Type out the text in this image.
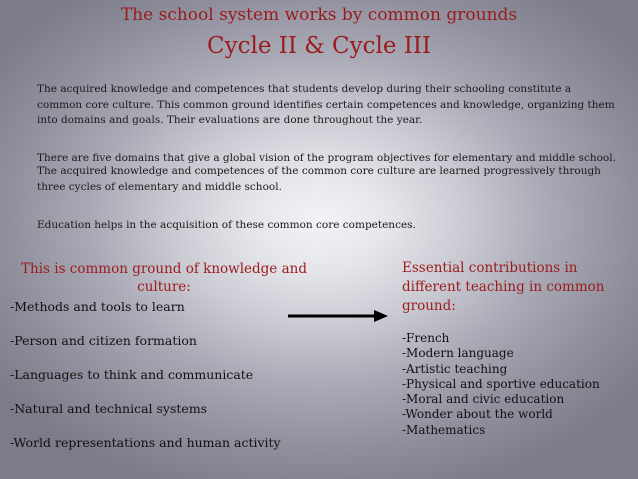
The school system works by common grounds
Cycle II & Cycle III
The acquired knowledge and competences that students develop during their schooling constitute a common core culture. This common ground identifies certain competences and knowledge, organizing them into domains and goals. Their evaluations are done throughout the year.
There are five domains that give a global vision of the program objectives for elementary and middle school.
The acquired knowledge and competences of the common core culture are learned progressively through three cycles of elementary and middle school.
Education helps in the acquisition of these common core competences.
This is common ground of knowledge and culture:
-Methods and tools to learn
-Person and citizen formation
-Languages to think and communicate
-Natural and technical systems
-World representations and human activity
Essential contributions in different teaching in common ground:
-French
-Modern language
-Artistic teaching
-Physical and sportive education
-Moral and civic education
-Wonder about the world
-Mathematics
